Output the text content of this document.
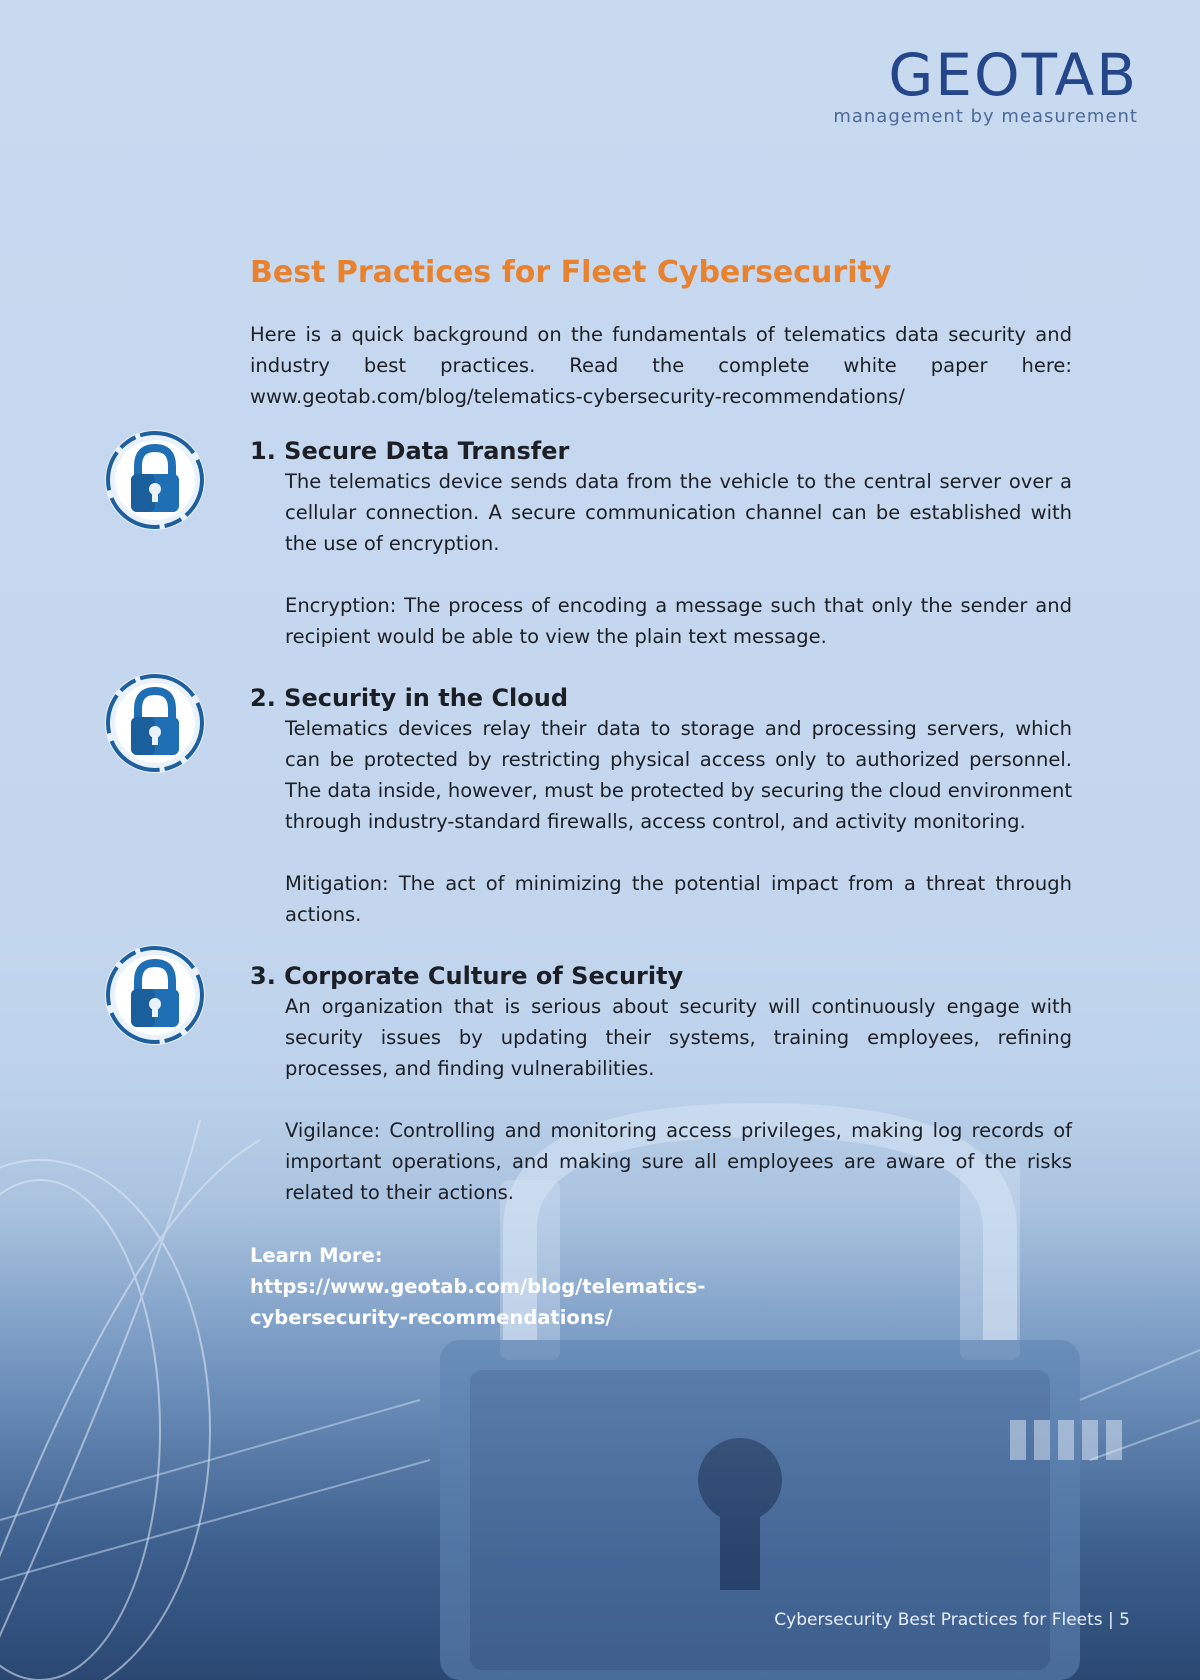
GEOTAB
management by measurement
Best Practices for Fleet Cybersecurity

Here is a quick background on the fundamentals of telematics data security and industry best practices. Read the complete white paper here: www.geotab.com/blog/telematics-cybersecurity-recommendations/

1. Secure Data Transfer

The telematics device sends data from the vehicle to the central server over a cellular connection. A secure communication channel can be established with the use of encryption.

Encryption: The process of encoding a message such that only the sender and recipient would be able to view the plain text message.

2. Security in the Cloud

Telematics devices relay their data to storage and processing servers, which can be protected by restricting physical access only to authorized personnel. The data inside, however, must be protected by securing the cloud environment through industry-standard firewalls, access control, and activity monitoring.

Mitigation: The act of minimizing the potential impact from a threat through actions.

3. Corporate Culture of Security

An organization that is serious about security will continuously engage with security issues by updating their systems, training employees, refining processes, and finding vulnerabilities.

Vigilance: Controlling and monitoring access privileges, making log records of important operations, and making sure all employees are aware of the risks related to their actions.

Learn More:

https://www.geotab.com/blog/telematics-

cybersecurity-recommendations/

Cybersecurity Best Practices for Fleets | 5
